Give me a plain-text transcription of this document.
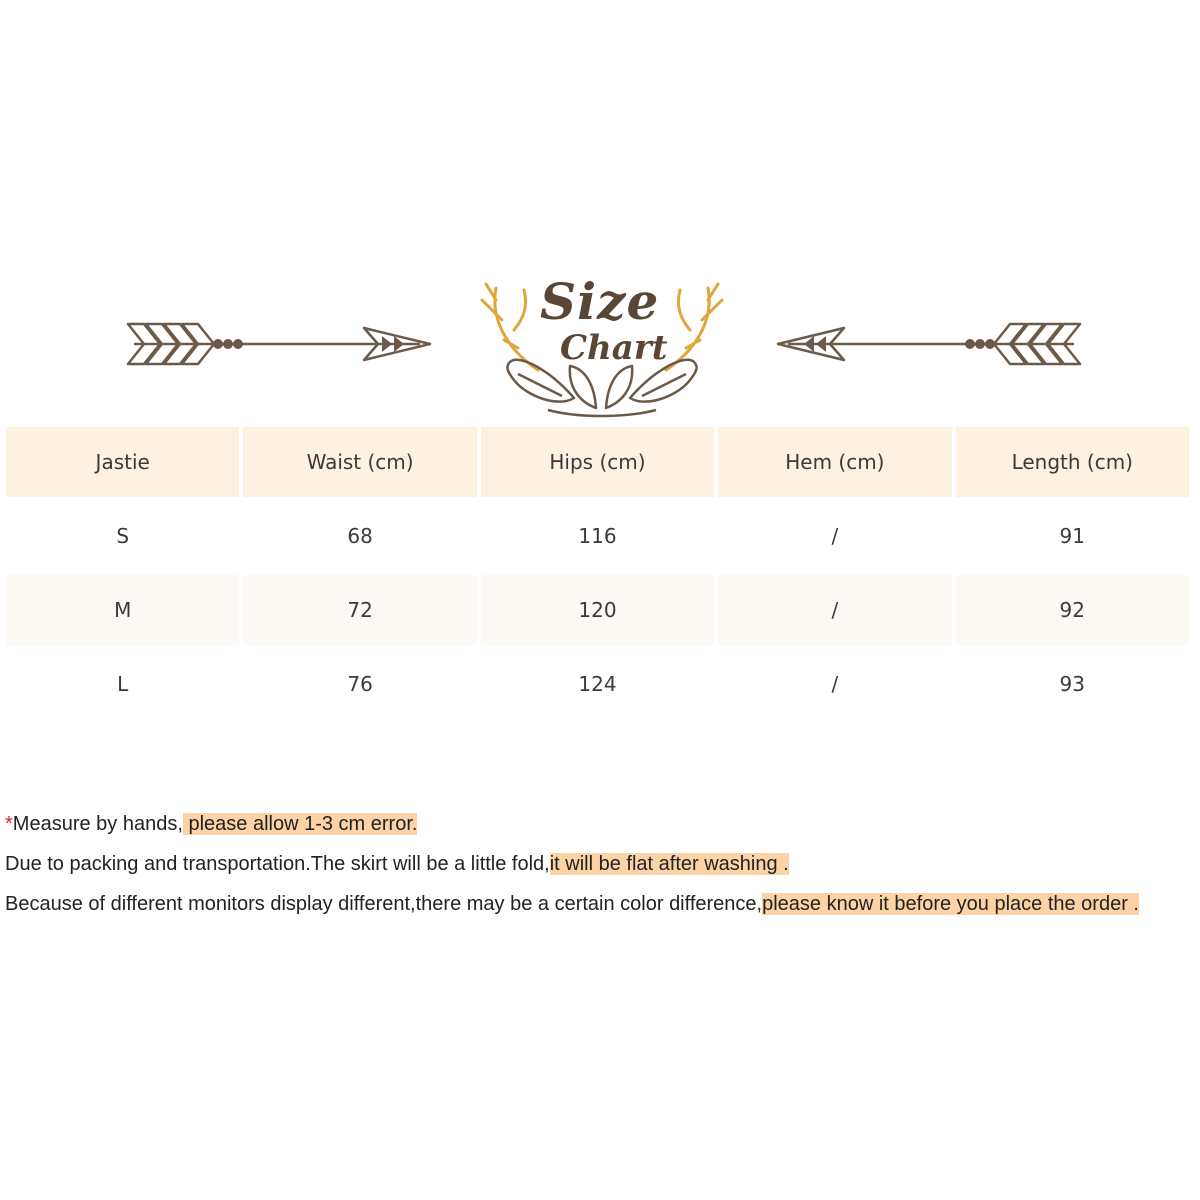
Size
Chart
Jastie	Waist (cm)	Hips (cm)	Hem (cm)	Length (cm)
S	68	116	/	91
M	72	120	/	92
L	76	124	/	93
*Measure by hands, please allow 1-3 cm error.
Due to packing and transportation.The skirt will be a little fold,it will be flat after washing .
Because of different monitors display different,there may be a certain color difference,please know it before you place the order .
